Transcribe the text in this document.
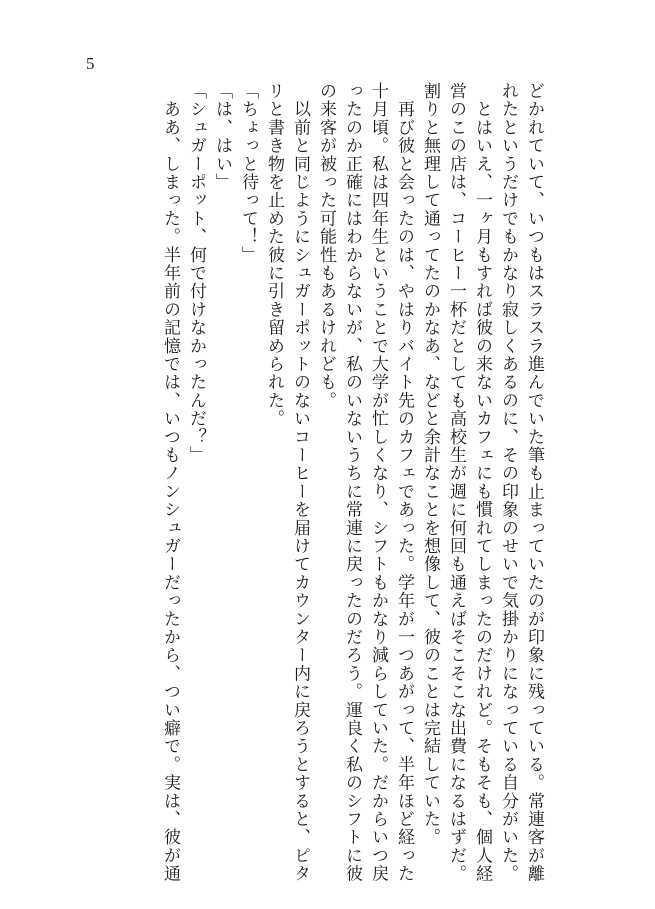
5
どかれていて、いつもはスラスラ進んでいた筆も止まっていたのが印象に残っている。常連客が離
れたというだけでもかなり寂しくあるのに、その印象のせいで気掛かりになっている自分がいた。
　とはいえ、一ヶ月もすれば彼の来ないカフェにも慣れてしまったのだけれど。そもそも、個人経
営のこの店は、コーヒー一杯だとしても高校生が週に何回も通えばそこそこな出費になるはずだ。
割りと無理して通ってたのかなあ、などと余計なことを想像して、彼のことは完結していた。
　再び彼と会ったのは、やはりバイト先のカフェであった。学年が一つあがって、半年ほど経った
十月頃。私は四年生ということで大学が忙しくなり、シフトもかなり減らしていた。だからいつ戻
ったのか正確にはわからないが、私のいないうちに常連に戻ったのだろう。運良く私のシフトに彼
の来客が被った可能性もあるけれども。
　以前と同じようにシュガーポットのないコーヒーを届けてカウンター内に戻ろうとすると、ピタ
リと書き物を止めた彼に引き留められた。
「ちょっと待って！」
「は、はい」
「シュガーポット、何で付けなかったんだ？」
　ああ、しまった。半年前の記憶では、いつもノンシュガーだったから、つい癖で。実は、彼が通
